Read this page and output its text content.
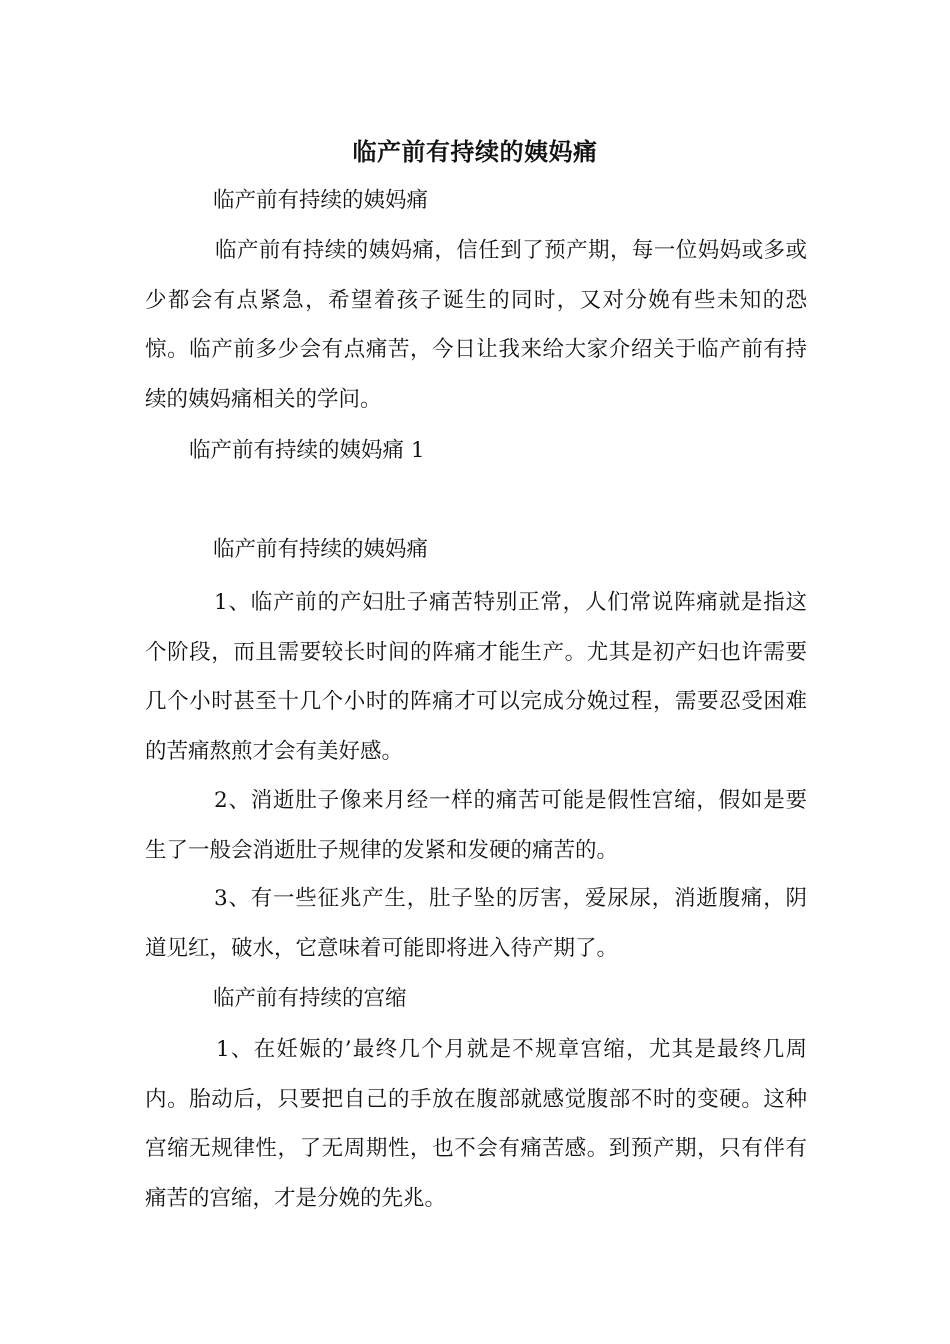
临产前有持续的姨妈痛
临产前有持续的姨妈痛
临产前有持续的姨妈痛，信任到了预产期，每一位妈妈或多或少都会有点紧急，希望着孩子诞生的同时，又对分娩有些未知的恐惊。临产前多少会有点痛苦，今日让我来给大家介绍关于临产前有持续的姨妈痛相关的学问。
临产前有持续的姨妈痛 1
临产前有持续的姨妈痛
1、临产前的产妇肚子痛苦特别正常，人们常说阵痛就是指这个阶段，而且需要较长时间的阵痛才能生产。尤其是初产妇也许需要几个小时甚至十几个小时的阵痛才可以完成分娩过程，需要忍受困难的苦痛熬煎才会有美好感。
2、消逝肚子像来月经一样的痛苦可能是假性宫缩，假如是要生了一般会消逝肚子规律的发紧和发硬的痛苦的。
3、有一些征兆产生，肚子坠的厉害，爱尿尿，消逝腹痛，阴道见红，破水，它意味着可能即将进入待产期了。
临产前有持续的宫缩
1、在妊娠的’最终几个月就是不规章宫缩，尤其是最终几周内。胎动后，只要把自己的手放在腹部就感觉腹部不时的变硬。这种宫缩无规律性，了无周期性，也不会有痛苦感。到预产期，只有伴有痛苦的宫缩，才是分娩的先兆。
